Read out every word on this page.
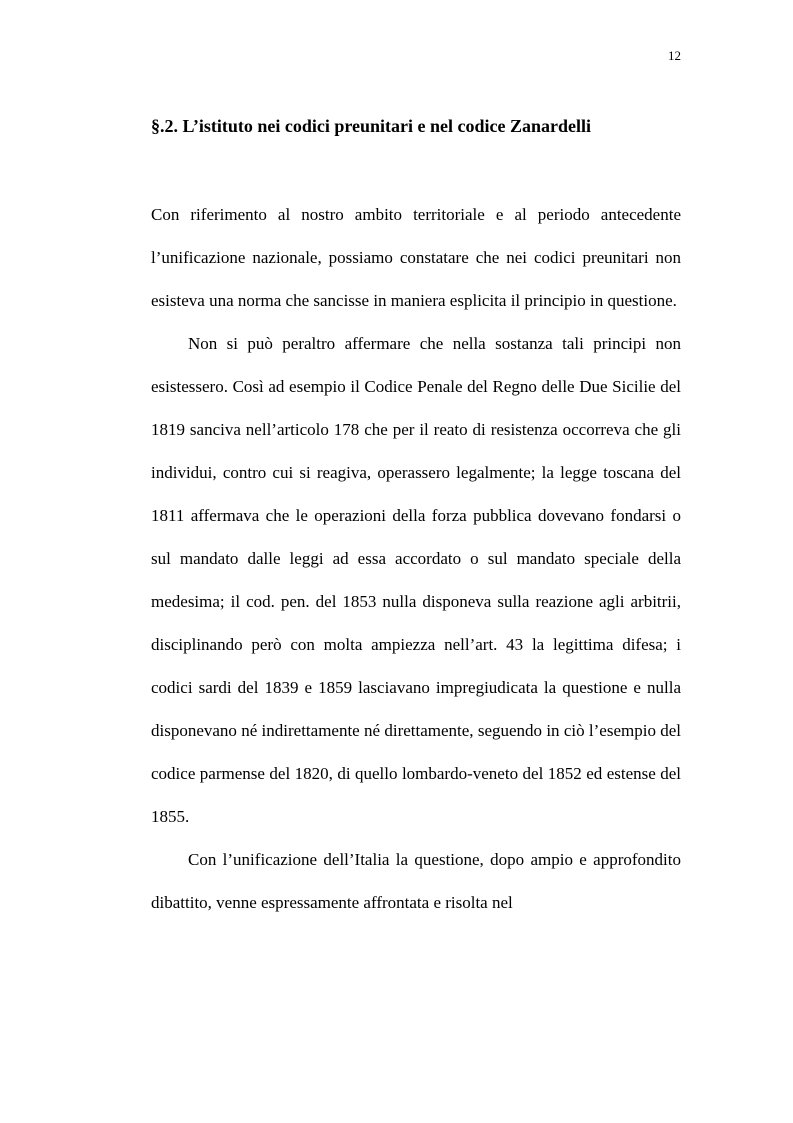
12
§.2. L’istituto nei codici preunitari e nel codice Zanardelli

Con riferimento al nostro ambito territoriale e al periodo antecedente l’unificazione nazionale, possiamo constatare che nei codici preunitari non esisteva una norma che sancisse in maniera esplicita il principio in questione.

Non si può peraltro affermare che nella sostanza tali principi non esistessero. Così ad esempio il Codice Penale del Regno delle Due Sicilie del 1819 sanciva nell’articolo 178 che per il reato di resistenza occorreva che gli individui, contro cui si reagiva, operassero legalmente; la legge toscana del 1811 affermava che le operazioni della forza pubblica dovevano fondarsi o sul mandato dalle leggi ad essa accordato o sul mandato speciale della medesima; il cod. pen. del 1853 nulla disponeva sulla reazione agli arbitrii, disciplinando però con molta ampiezza nell’art. 43 la legittima difesa; i codici sardi del 1839 e 1859 lasciavano impregiudicata la questione e nulla disponevano né indirettamente né direttamente, seguendo in ciò l’esempio del codice parmense del 1820, di quello lombardo-veneto del 1852 ed estense del 1855.

Con l’unificazione dell’Italia la questione, dopo ampio e approfondito dibattito, venne espressamente affrontata e risolta nel
